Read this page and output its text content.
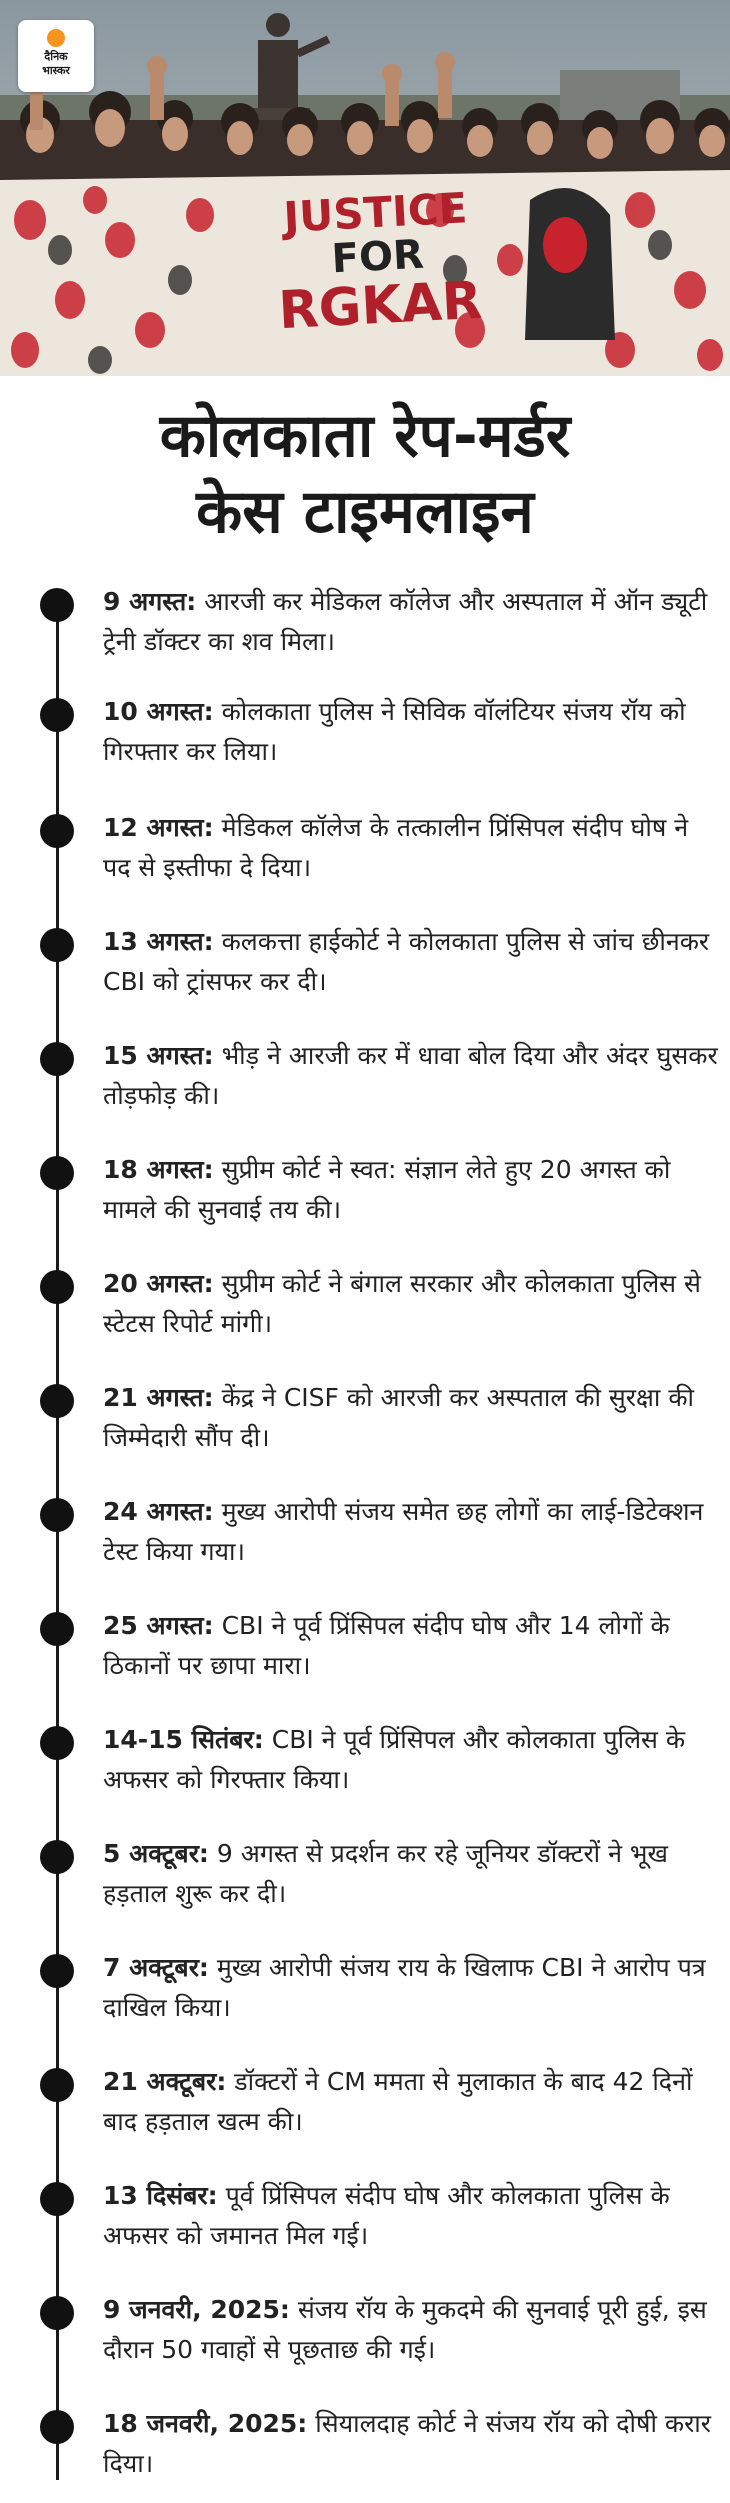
JUSTICE
FOR
RGKAR
दैनिक
भास्कर
कोलकाता रेप-मर्डर
केस टाइमलाइन

9 अगस्त: आरजी कर मेडिकल कॉलेज और अस्पताल में ऑन ड्यूटी ट्रेनी डॉक्टर का शव मिला।

10 अगस्त: कोलकाता पुलिस ने सिविक वॉलंटियर संजय रॉय को गिरफ्तार कर लिया।

12 अगस्त: मेडिकल कॉलेज के तत्कालीन प्रिंसिपल संदीप घोष ने पद से इस्तीफा दे दिया।

13 अगस्त: कलकत्ता हाईकोर्ट ने कोलकाता पुलिस से जांच छीनकर CBI को ट्रांसफर कर दी।

15 अगस्त: भीड़ ने आरजी कर में धावा बोल दिया और अंदर घुसकर तोड़फोड़ की।

18 अगस्त: सुप्रीम कोर्ट ने स्वत: संज्ञान लेते हुए 20 अगस्त को मामले की सुनवाई तय की।

20 अगस्त: सुप्रीम कोर्ट ने बंगाल सरकार और कोलकाता पुलिस से स्टेटस रिपोर्ट मांगी।

21 अगस्त: केंद्र ने CISF को आरजी कर अस्पताल की सुरक्षा की जिम्मेदारी सौंप दी।

24 अगस्त: मुख्य आरोपी संजय समेत छह लोगों का लाई-डिटेक्शन टेस्ट किया गया।

25 अगस्त: CBI ने पूर्व प्रिंसिपल संदीप घोष और 14 लोगों के ठिकानों पर छापा मारा।

14-15 सितंबर: CBI ने पूर्व प्रिंसिपल और कोलकाता पुलिस के अफसर को गिरफ्तार किया।

5 अक्टूबर: 9 अगस्त से प्रदर्शन कर रहे जूनियर डॉक्टरों ने भूख हड़ताल शुरू कर दी।

7 अक्टूबर: मुख्य आरोपी संजय राय के खिलाफ CBI ने आरोप पत्र दाखिल किया।

21 अक्टूबर: डॉक्टरों ने CM ममता से मुलाकात के बाद 42 दिनों बाद हड़ताल खत्म की।

13 दिसंबर: पूर्व प्रिंसिपल संदीप घोष और कोलकाता पुलिस के अफसर को जमानत मिल गई।

9 जनवरी, 2025: संजय रॉय के मुकदमे की सुनवाई पूरी हुई, इस दौरान 50 गवाहों से पूछताछ की गई।

18 जनवरी, 2025: सियालदाह कोर्ट ने संजय रॉय को दोषी करार दिया।
